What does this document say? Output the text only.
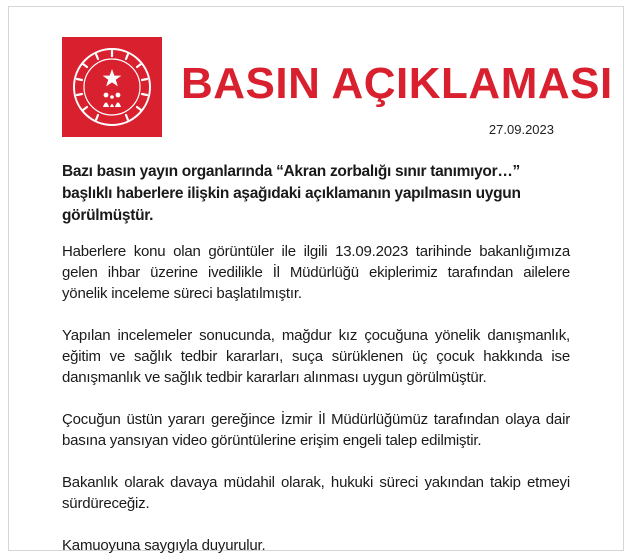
BASIN AÇIKLAMASI
27.09.2023

Bazı basın yayın organlarında “Akran zorbalığı sınır tanımıyor…” başlıklı haberlere ilişkin aşağıdaki açıklamanın yapılmasın uygun görülmüştür.

Haberlere konu olan görüntüler ile ilgili 13.09.2023 tarihinde bakanlığımıza gelen ihbar üzerine ivedilikle İl Müdürlüğü ekiplerimiz tarafından ailelere yönelik inceleme süreci başlatılmıştır.

Yapılan incelemeler sonucunda, mağdur kız çocuğuna yönelik danışmanlık, eğitim ve sağlık tedbir kararları, suça sürüklenen üç çocuk hakkında ise danışmanlık ve sağlık tedbir kararları alınması uygun görülmüştür.

Çocuğun üstün yararı gereğince İzmir İl Müdürlüğümüz tarafından olaya dair basına yansıyan video görüntülerine erişim engeli talep edilmiştir.

Bakanlık olarak davaya müdahil olarak, hukuki süreci yakından takip etmeyi sürdüreceğiz.

Kamuoyuna saygıyla duyurulur.
